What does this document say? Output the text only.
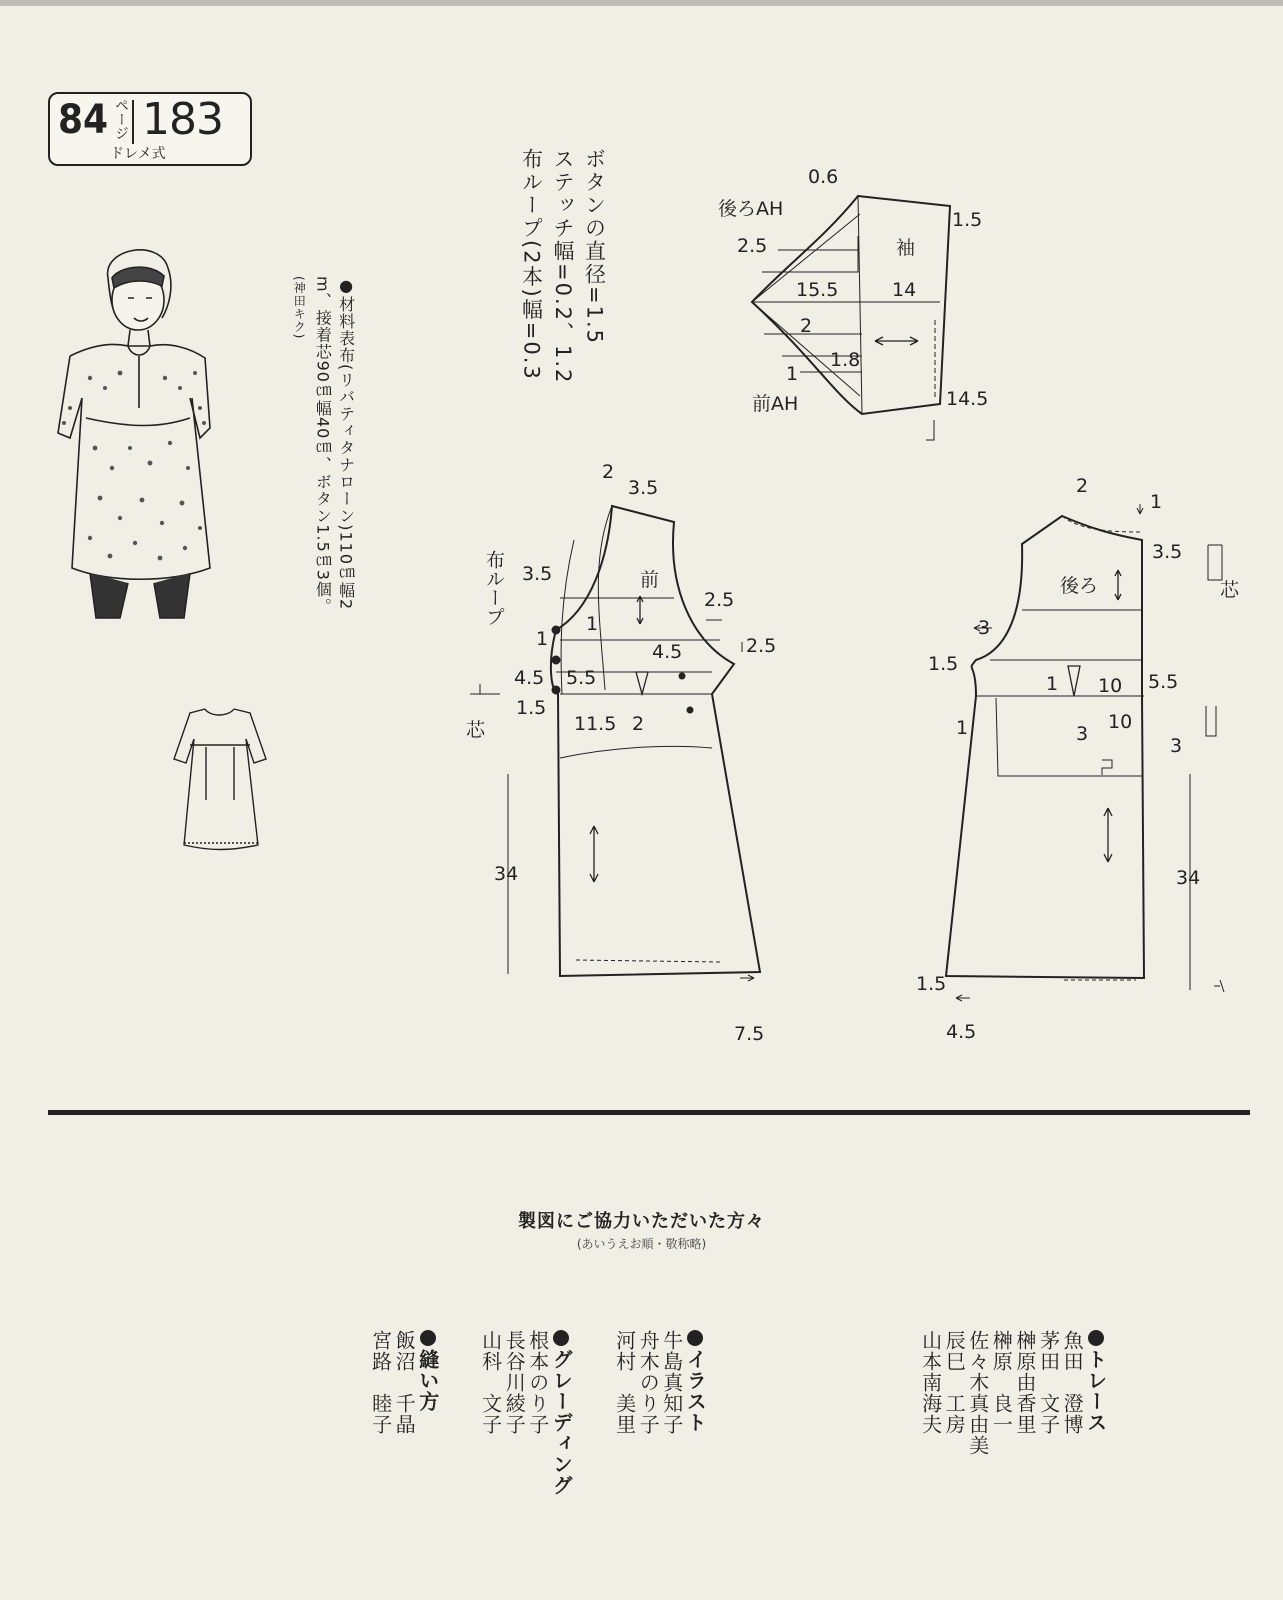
84 ページ 183
ドレメ式
●材料表布(リバティタナローン)110㎝幅2
m、接着芯90㎝幅40㎝、ボタン1.5㎝3個。
(神田キク)	ボタンの直径=1.5
ステッチ幅=0.2、1.2
布ループ(2本)幅=0.3	袖
後ろAH
前AH
0.6
2.5
15.5	14
2
1.8
1
1.5
14.5
前
布ループ
芯
2
3.5
3.5
1
1
2.5
2.5
4.5
4.5 5.5
1.5
11.5 2
34
7.5
後ろ	芯
2
1
3.5
3
1.5
1
10 5.5
1
3
10
3
34
1.5
4.5
製図にご協力いただいた方々
(あいうえお順・敬称略)
トレース
魚田　澄博
茅田　文子
榊原由香里
榊原　良一
佐々木真由美
辰巳　工房
山本南海夫
イラスト
牛島真知子
舟木のり子
河村　美里
グレーディング
根本のり子
長谷川綾子
山科　文子
縫い方
飯沼　千晶
宮路　睦子
